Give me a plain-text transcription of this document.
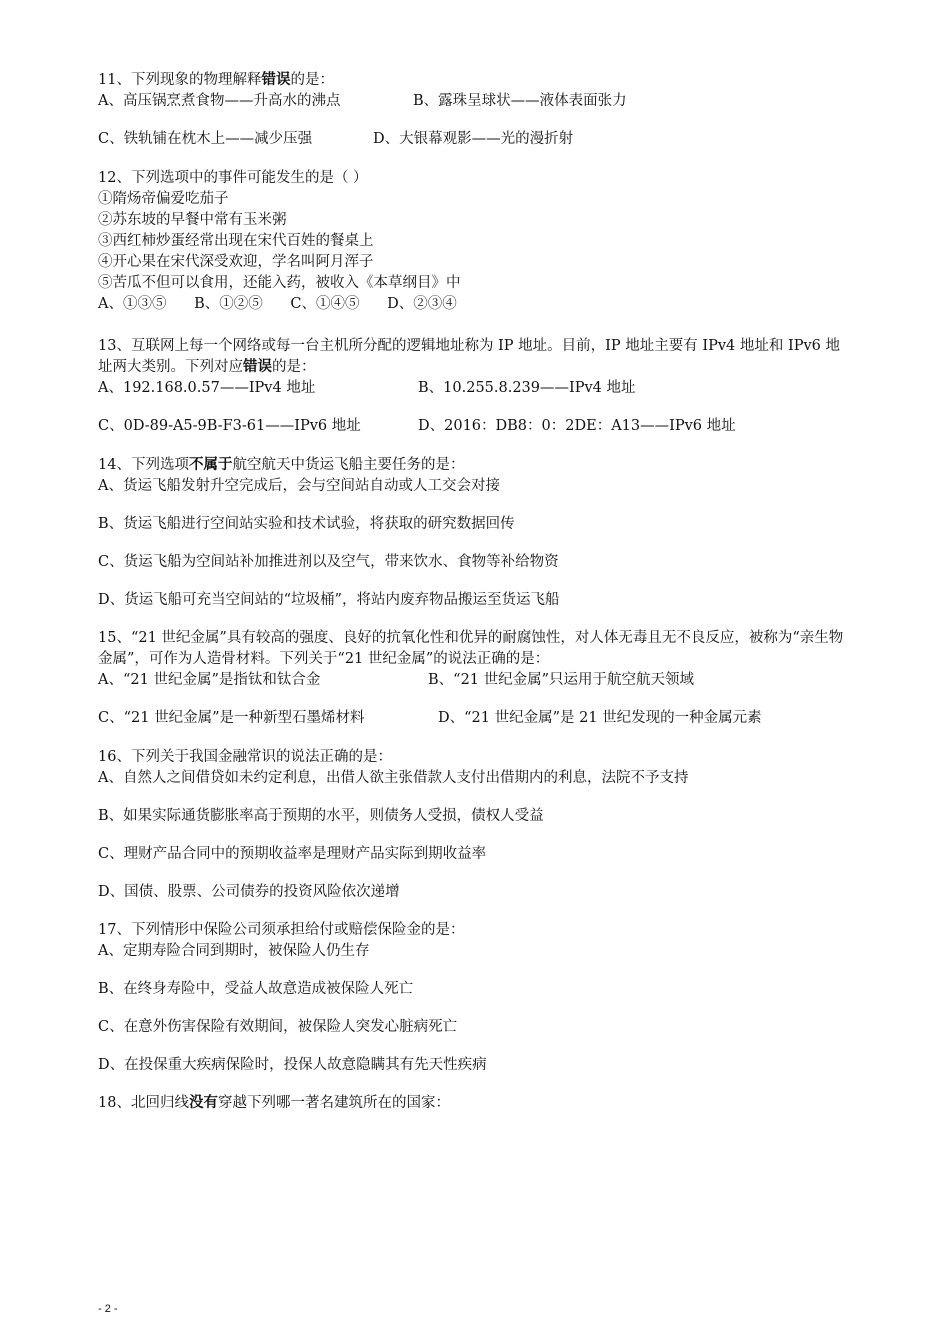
11、下列现象的物理解释错误的是：
A、高压锅烹煮食物——升高水的沸点	B、露珠呈球状——液体表面张力
C、铁轨铺在枕木上——减少压强	D、大银幕观影——光的漫折射
12、下列选项中的事件可能发生的是（ ）
①隋炀帝偏爱吃茄子
②苏东坡的早餐中常有玉米粥
③西红柿炒蛋经常出现在宋代百姓的餐桌上
④开心果在宋代深受欢迎，学名叫阿月浑子
⑤苦瓜不但可以食用，还能入药，被收入《本草纲目》中
A、①③⑤      B、①②⑤      C、①④⑤      D、②③④
13、互联网上每一个网络或每一台主机所分配的逻辑地址称为 IP 地址。目前，IP 地址主要有 IPv4 地址和 IPv6 地址两大类别。下列对应错误的是：
A、192.168.0.57——IPv4 地址	B、10.255.8.239——IPv4 地址
C、0D-89-A5-9B-F3-61——IPv6 地址	D、2016：DB8：0：2DE：A13——IPv6 地址
14、下列选项不属于航空航天中货运飞船主要任务的是：
A、货运飞船发射升空完成后，会与空间站自动或人工交会对接
B、货运飞船进行空间站实验和技术试验，将获取的研究数据回传
C、货运飞船为空间站补加推进剂以及空气，带来饮水、食物等补给物资
D、货运飞船可充当空间站的“垃圾桶”，将站内废弃物品搬运至货运飞船
15、“21 世纪金属”具有较高的强度、良好的抗氧化性和优异的耐腐蚀性，对人体无毒且无不良反应，被称为“亲生物金属”，可作为人造骨材料。下列关于“21 世纪金属”的说法正确的是：
A、“21 世纪金属”是指钛和钛合金	B、“21 世纪金属”只运用于航空航天领域
C、“21 世纪金属”是一种新型石墨烯材料	D、“21 世纪金属”是 21 世纪发现的一种金属元素
16、下列关于我国金融常识的说法正确的是：
A、自然人之间借贷如未约定利息，出借人欲主张借款人支付出借期内的利息，法院不予支持
B、如果实际通货膨胀率高于预期的水平，则债务人受损，债权人受益
C、理财产品合同中的预期收益率是理财产品实际到期收益率
D、国债、股票、公司债券的投资风险依次递增
17、下列情形中保险公司须承担给付或赔偿保险金的是：
A、定期寿险合同到期时，被保险人仍生存
B、在终身寿险中，受益人故意造成被保险人死亡
C、在意外伤害保险有效期间，被保险人突发心脏病死亡
D、在投保重大疾病保险时，投保人故意隐瞒其有先天性疾病
18、北回归线没有穿越下列哪一著名建筑所在的国家：
- 2 -
